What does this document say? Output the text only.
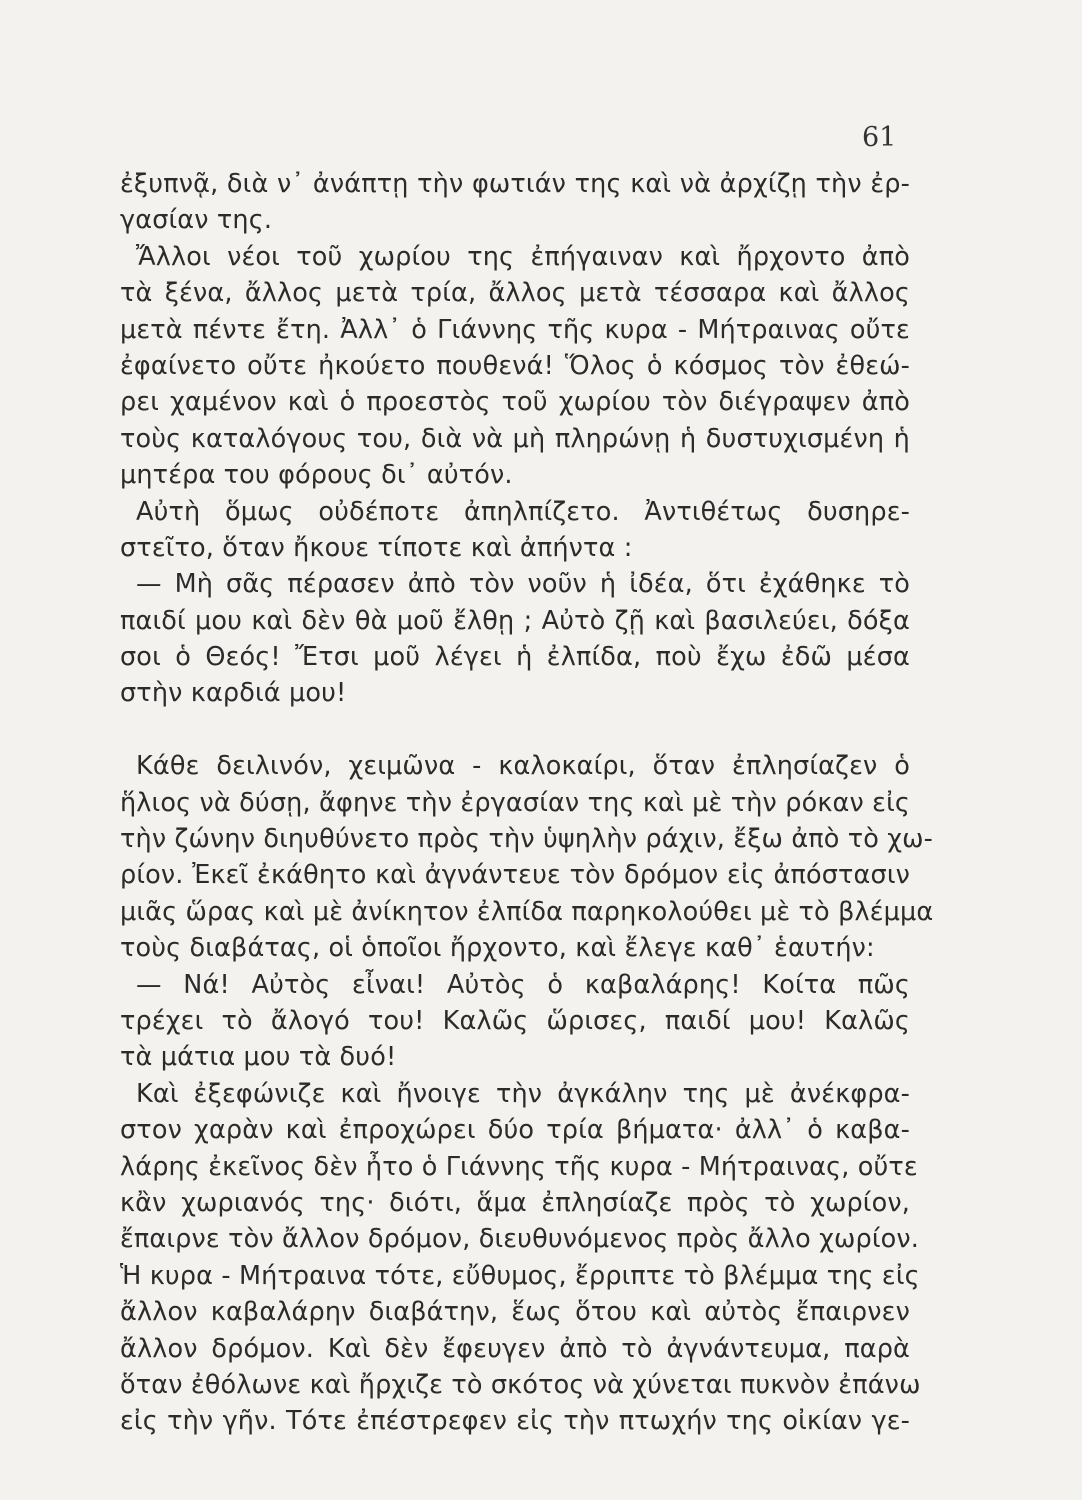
61
ἐξυπνᾷ, διὰ ν᾽ ἀνάπτῃ τὴν φωτιάν της καὶ νὰ ἀρχίζῃ τὴν ἐρ-
γασίαν της.
Ἄλλοι νέοι τοῦ χωρίου της ἐπήγαιναν καὶ ἤρχοντο ἀπὸ
τὰ ξένα, ἄλλος μετὰ τρία, ἄλλος μετὰ τέσσαρα καὶ ἄλλος
μετὰ πέντε ἔτη. Ἀλλ᾽ ὁ Γιάννης τῆς κυρα - Μήτραινας οὔτε
ἐφαίνετο οὔτε ἠκούετο πουθενά! Ὅλος ὁ κόσμος τὸν ἐθεώ-
ρει χαμένον καὶ ὁ προεστὸς τοῦ χωρίου τὸν διέγραψεν ἀπὸ
τοὺς καταλόγους του, διὰ νὰ μὴ πληρώνῃ ἡ δυστυχισμένη ἡ
μητέρα του φόρους δι᾽ αὐτόν.
Αὐτὴ ὅμως οὐδέποτε ἀπηλπίζετο. Ἀντιθέτως δυσηρε-
στεῖτο, ὅταν ἤκουε τίποτε καὶ ἀπήντα :
— Μὴ σᾶς πέρασεν ἀπὸ τὸν νοῦν ἡ ἰδέα, ὅτι ἐχάθηκε τὸ
παιδί μου καὶ δὲν θὰ μοῦ ἔλθῃ ; Αὐτὸ ζῇ καὶ βασιλεύει, δόξα
σοι ὁ Θεός! Ἔτσι μοῦ λέγει ἡ ἐλπίδα, ποὺ ἔχω ἐδῶ μέσα
στὴν καρδιά μου!
Κάθε δειλινόν, χειμῶνα - καλοκαίρι, ὅταν ἐπλησίαζεν ὁ
ἥλιος νὰ δύσῃ, ἄφηνε τὴν ἐργασίαν της καὶ μὲ τὴν ρόκαν εἰς
τὴν ζώνην διηυθύνετο πρὸς τὴν ὑψηλὴν ράχιν, ἔξω ἀπὸ τὸ χω-
ρίον. Ἐκεῖ ἐκάθητο καὶ ἀγνάντευε τὸν δρόμον εἰς ἀπόστασιν
μιᾶς ὥρας καὶ μὲ ἀνίκητον ἐλπίδα παρηκολούθει μὲ τὸ βλέμμα
τοὺς διαβάτας, οἱ ὁποῖοι ἤρχοντο, καὶ ἔλεγε καθ᾽ ἑαυτήν:
— Νά! Αὐτὸς εἶναι! Αὐτὸς ὁ καβαλάρης! Κοίτα πῶς
τρέχει τὸ ἄλογό του! Καλῶς ὥρισες, παιδί μου! Καλῶς
τὰ μάτια μου τὰ δυό!
Καὶ ἐξεφώνιζε καὶ ἤνοιγε τὴν ἀγκάλην της μὲ ἀνέκφρα-
στον χαρὰν καὶ ἐπροχώρει δύο τρία βήματα· ἀλλ᾽ ὁ καβα-
λάρης ἐκεῖνος δὲν ἦτο ὁ Γιάννης τῆς κυρα - Μήτραινας, οὔτε
κἂν χωριανός της· διότι, ἅμα ἐπλησίαζε πρὸς τὸ χωρίον,
ἔπαιρνε τὸν ἄλλον δρόμον, διευθυνόμενος πρὸς ἄλλο χωρίον.
Ἡ κυρα - Μήτραινα τότε, εὔθυμος, ἔρριπτε τὸ βλέμμα της εἰς
ἄλλον καβαλάρην διαβάτην, ἕως ὅτου καὶ αὐτὸς ἔπαιρνεν
ἄλλον δρόμον. Καὶ δὲν ἔφευγεν ἀπὸ τὸ ἀγνάντευμα, παρὰ
ὅταν ἐθόλωνε καὶ ἤρχιζε τὸ σκότος νὰ χύνεται πυκνὸν ἐπάνω
εἰς τὴν γῆν. Τότε ἐπέστρεφεν εἰς τὴν πτωχήν της οἰκίαν γε-
